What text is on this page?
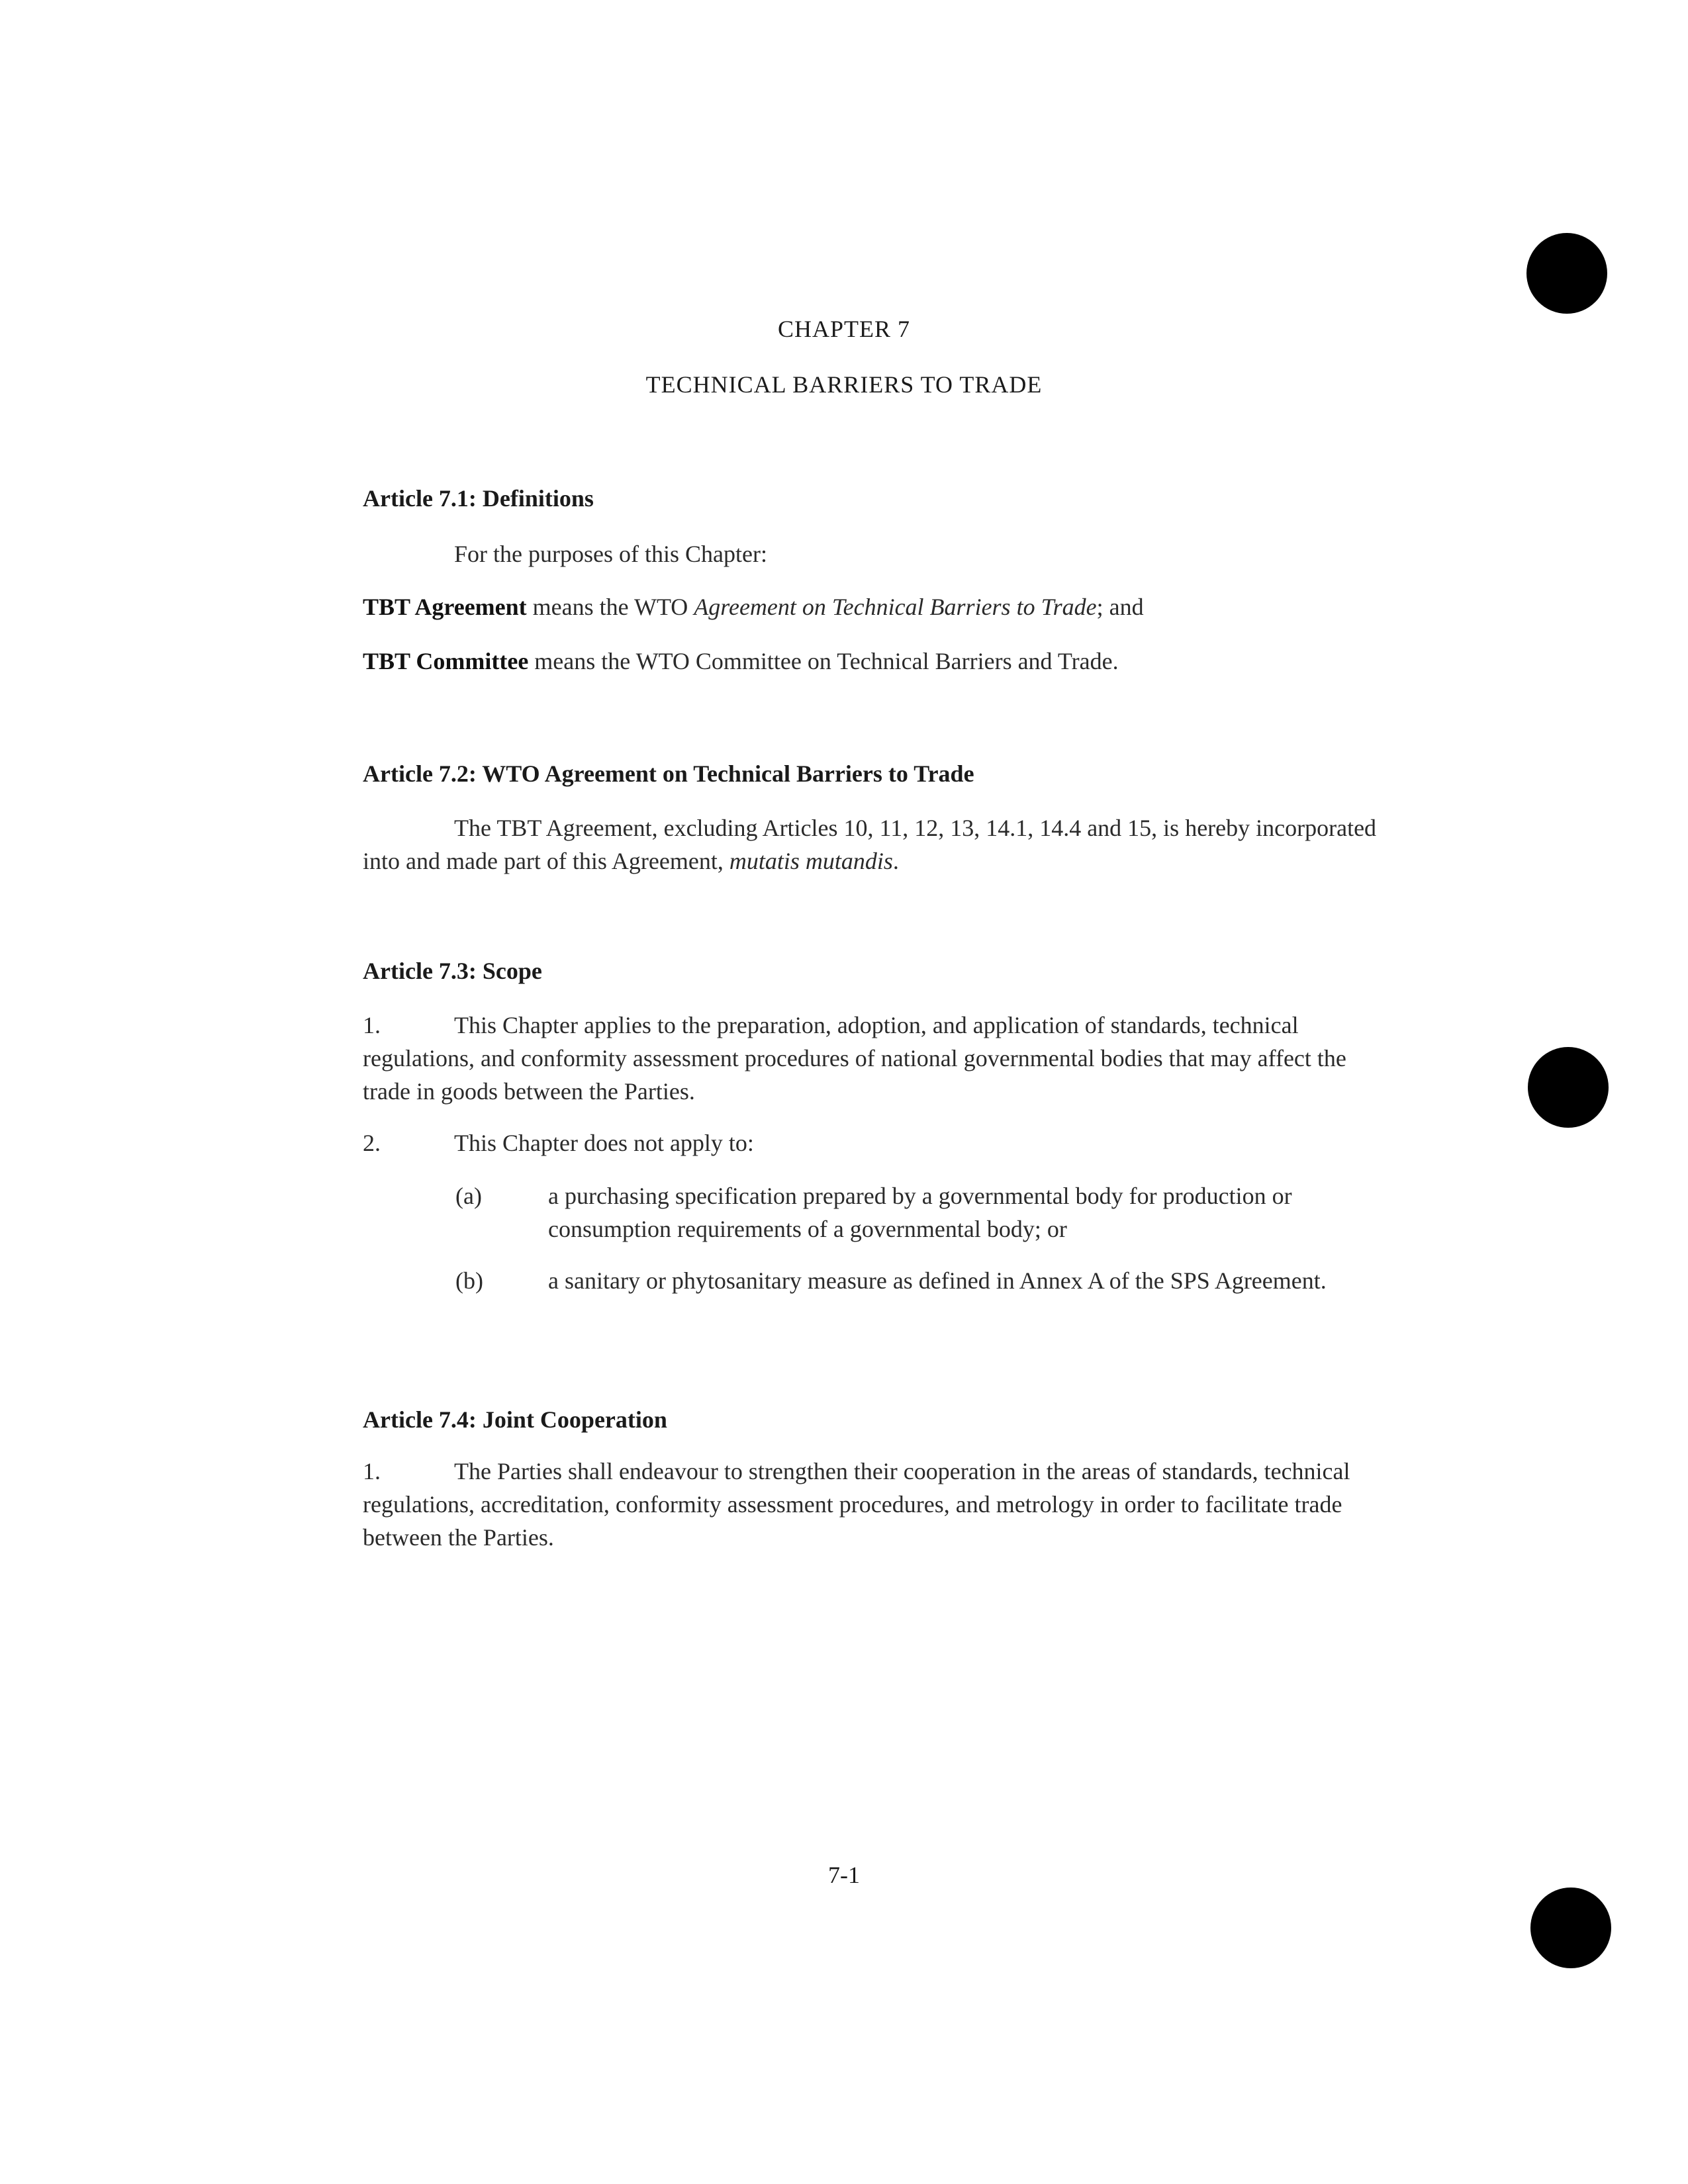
CHAPTER 7
TECHNICAL BARRIERS TO TRADE
Article 7.1: Definitions
For the purposes of this Chapter:
TBT Agreement means the WTO Agreement on Technical Barriers to Trade; and
TBT Committee means the WTO Committee on Technical Barriers and Trade.
Article 7.2: WTO Agreement on Technical Barriers to Trade
The TBT Agreement, excluding Articles 10, 11, 12, 13, 14.1, 14.4 and 15, is hereby incorporated into and made part of this Agreement, mutatis mutandis.
Article 7.3: Scope
1.	This Chapter applies to the preparation, adoption, and application of standards, technical regulations, and conformity assessment procedures of national governmental bodies that may affect the trade in goods between the Parties.
2.	This Chapter does not apply to:
(a)	a purchasing specification prepared by a governmental body for production or consumption requirements of a governmental body; or
(b)	a sanitary or phytosanitary measure as defined in Annex A of the SPS Agreement.
Article 7.4: Joint Cooperation
1.	The Parties shall endeavour to strengthen their cooperation in the areas of standards, technical regulations, accreditation, conformity assessment procedures, and metrology in order to facilitate trade between the Parties.
7-1
